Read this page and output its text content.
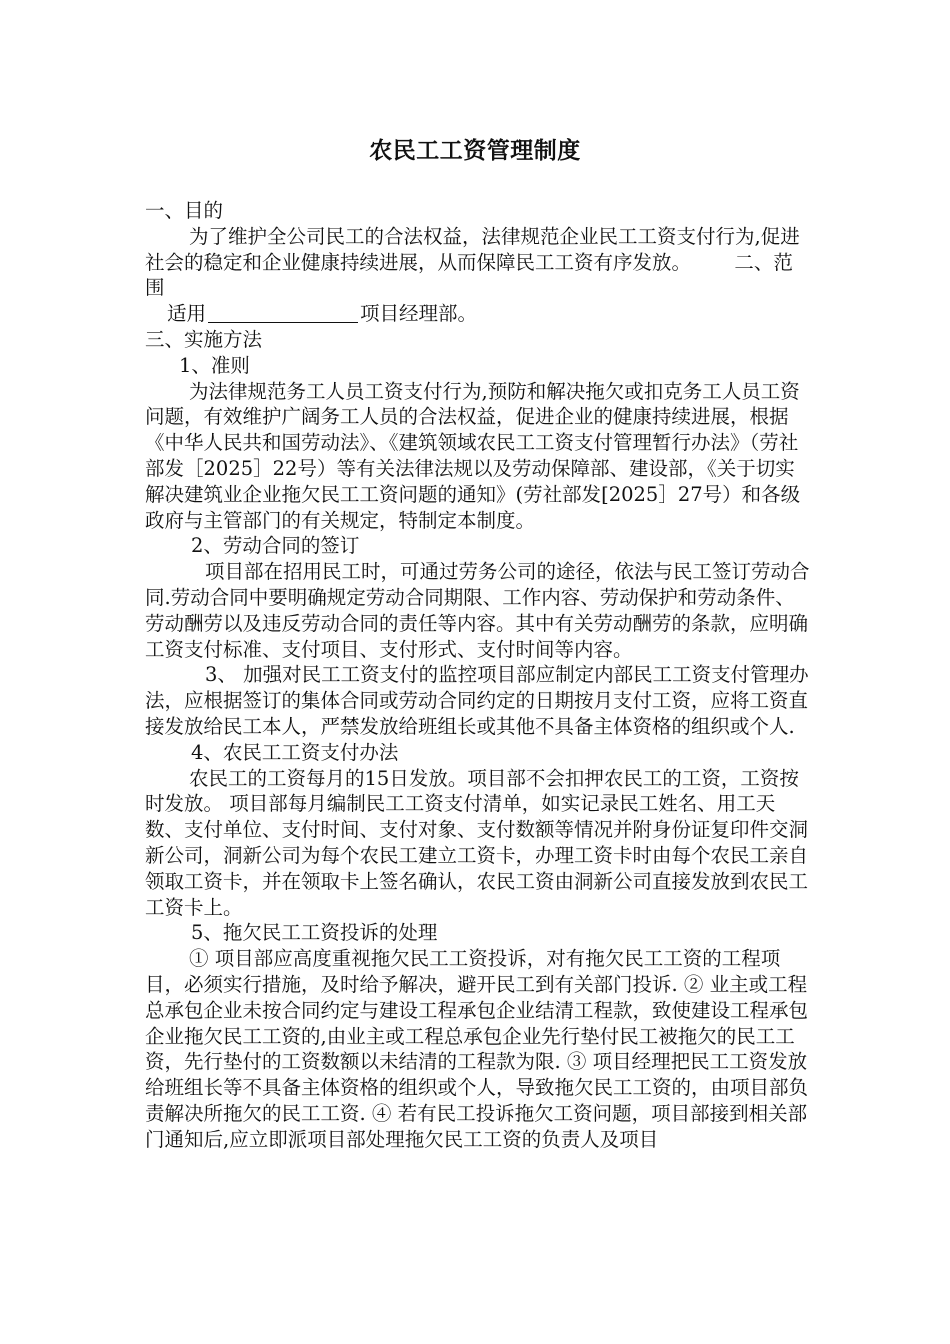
农民工工资管理制度

一、目的

为了维护全公司民工的合法权益，法律规范企业民工工资支付行为,促进社会的稳定和企业健康持续进展，从而保障民工工资有序发放。 二、范围

适用	项目经理部。

三、实施方法

1、准则

为法律规范务工人员工资支付行为,预防和解决拖欠或扣克务工人员工资问题，有效维护广阔务工人员的合法权益，促进企业的健康持续进展，根据《中华人民共和国劳动法》、《建筑领域农民工工资支付管理暂行办法》（劳社部发［2025］22号）等有关法律法规以及劳动保障部、建设部，《关于切实解决建筑业企业拖欠民工工资问题的通知》(劳社部发[2025］27号）和各级政府与主管部门的有关规定，特制定本制度。

2、劳动合同的签订

项目部在招用民工时，可通过劳务公司的途径，依法与民工签订劳动合同.劳动合同中要明确规定劳动合同期限、工作内容、劳动保护和劳动条件、劳动酬劳以及违反劳动合同的责任等内容。其中有关劳动酬劳的条款，应明确工资支付标准、支付项目、支付形式、支付时间等内容。

3、 加强对民工工资支付的监控项目部应制定内部民工工资支付管理办法，应根据签订的集体合同或劳动合同约定的日期按月支付工资，应将工资直接发放给民工本人，严禁发放给班组长或其他不具备主体资格的组织或个人.

4、农民工工资支付办法

农民工的工资每月的15日发放。项目部不会扣押农民工的工资，工资按时发放。 项目部每月编制民工工资支付清单，如实记录民工姓名、用工天数、支付单位、支付时间、支付对象、支付数额等情况并附身份证复印件交洞新公司，洞新公司为每个农民工建立工资卡，办理工资卡时由每个农民工亲自领取工资卡，并在领取卡上签名确认，农民工资由洞新公司直接发放到农民工工资卡上。

5、拖欠民工工资投诉的处理

① 项目部应高度重视拖欠民工工资投诉，对有拖欠民工工资的工程项目，必须实行措施，及时给予解决，避开民工到有关部门投诉. ② 业主或工程总承包企业未按合同约定与建设工程承包企业结清工程款，致使建设工程承包企业拖欠民工工资的,由业主或工程总承包企业先行垫付民工被拖欠的民工工资，先行垫付的工资数额以未结清的工程款为限. ③ 项目经理把民工工资发放给班组长等不具备主体资格的组织或个人，导致拖欠民工工资的，由项目部负责解决所拖欠的民工工资. ④ 若有民工投诉拖欠工资问题，项目部接到相关部门通知后,应立即派项目部处理拖欠民工工资的负责人及项目
